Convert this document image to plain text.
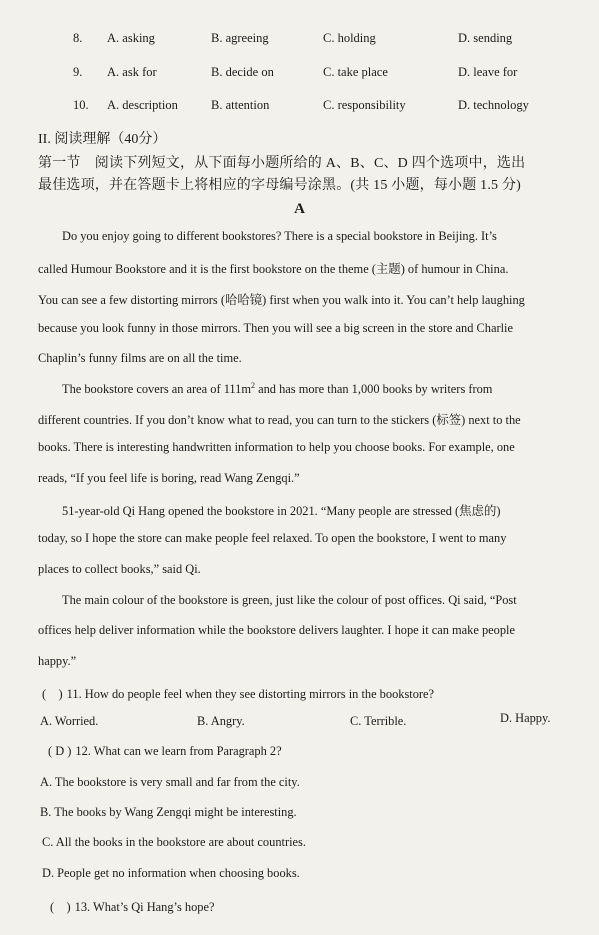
8. A. asking	B. agreeing	C. holding	D. sending
9. A. ask for	B. decide on	C. take place	D. leave for
10. A. description	B. attention	C. responsibility	D. technology
II. 阅读理解（40分）
第一节　阅读下列短文，从下面每小题所给的 A、B、C、D 四个选项中，选出
最佳选项，并在答题卡上将相应的字母编号涂黑。(共 15 小题，每小题 1.5 分)
A
Do you enjoy going to different bookstores? There is a special bookstore in Beijing. It’s
called Humour Bookstore and it is the first bookstore on the theme (主题) of humour in China.
You can see a few distorting mirrors (哈哈镜) first when you walk into it. You can’t help laughing
because you look funny in those mirrors. Then you will see a big screen in the store and Charlie
Chaplin’s funny films are on all the time.
The bookstore covers an area of $111m^2$ and has more than 1,000 books by writers from
different countries. If you don’t know what to read, you can turn to the stickers (标签) next to the
books. There is interesting handwritten information to help you choose books. For example, one
reads, “If you feel life is boring, read Wang Zengqi.”
51-year-old Qi Hang opened the bookstore in 2021. “Many people are stressed (焦虑的)
today, so I hope the store can make people feel relaxed. To open the bookstore, I went to many
places to collect books,” said Qi.
The main colour of the bookstore is green, just like the colour of post offices. Qi said, “Post
offices help deliver information while the bookstore delivers laughter. I hope it can make people
happy.”
(　) 11. How do people feel when they see distorting mirrors in the bookstore?
A. Worried.	B. Angry.	C. Terrible.	D. Happy.
( D ) 12. What can we learn from Paragraph 2?
A. The bookstore is very small and far from the city.
B. The books by Wang Zengqi might be interesting.
C. All the books in the bookstore are about countries.
D. People get no information when choosing books.
(　) 13. What’s Qi Hang’s hope?
